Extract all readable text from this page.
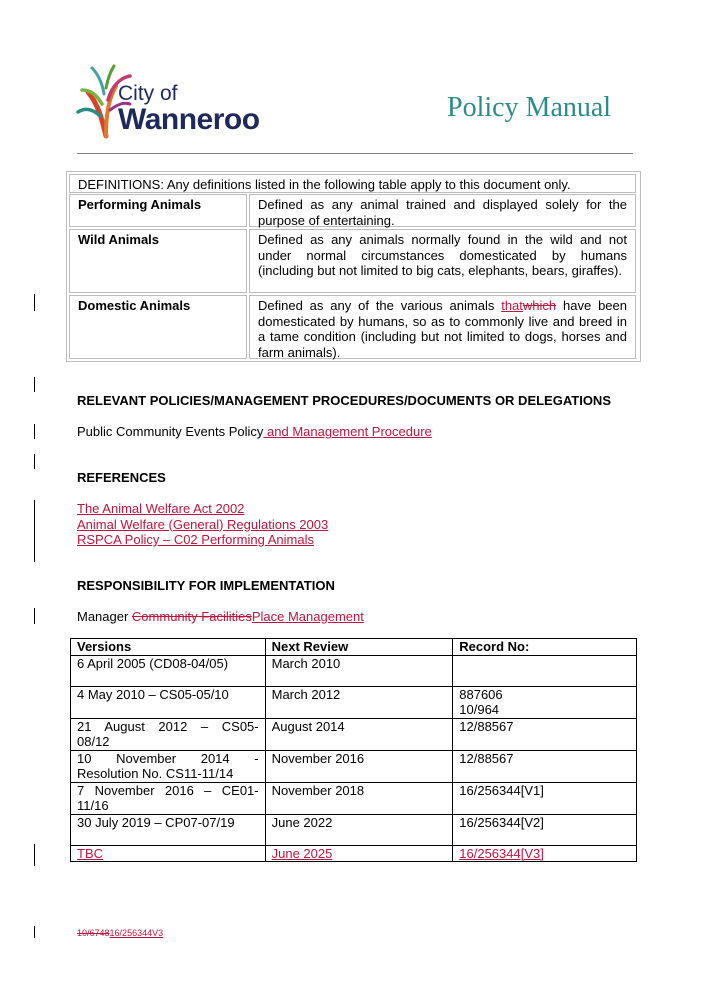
City of
Wanneroo	Policy Manual
DEFINITIONS: Any definitions listed in the following table apply to this document only.
Performing Animals	Defined as any animal trained and displayed solely for the purpose of entertaining.
Wild Animals	Defined as any animals normally found in the wild and not under normal circumstances domesticated by humans (including but not limited to big cats, elephants, bears, giraffes).
Domestic Animals	Defined as any of the various animals thatwhich have been domesticated by humans, so as to commonly live and breed in a tame condition (including but not limited to dogs, horses and farm animals).
RELEVANT POLICIES/MANAGEMENT PROCEDURES/DOCUMENTS OR DELEGATIONS
Public Community Events Policy and Management Procedure
REFERENCES
The Animal Welfare Act 2002
Animal Welfare (General) Regulations 2003
RSPCA Policy – C02 Performing Animals
RESPONSIBILITY FOR IMPLEMENTATION
Manager Community FacilitiesPlace Management
Versions	Next Review	Record No:
6 April 2005 (CD08-04/05)	March 2010	
4 May 2010 – CS05-05/10	March 2012	887606
10/964

21 August 2012 – CS05-
08/12	August 2014	12/88567

10 November 2014 -
Resolution No. CS11-11/14	November 2016	12/88567

7 November 2016 – CE01-
11/16	November 2018	16/256344[V1]
30 July 2019 – CP07-07/19	June 2022	16/256344[V2]
TBC	June 2025	16/256344[V3]
10/674816/256344V3
